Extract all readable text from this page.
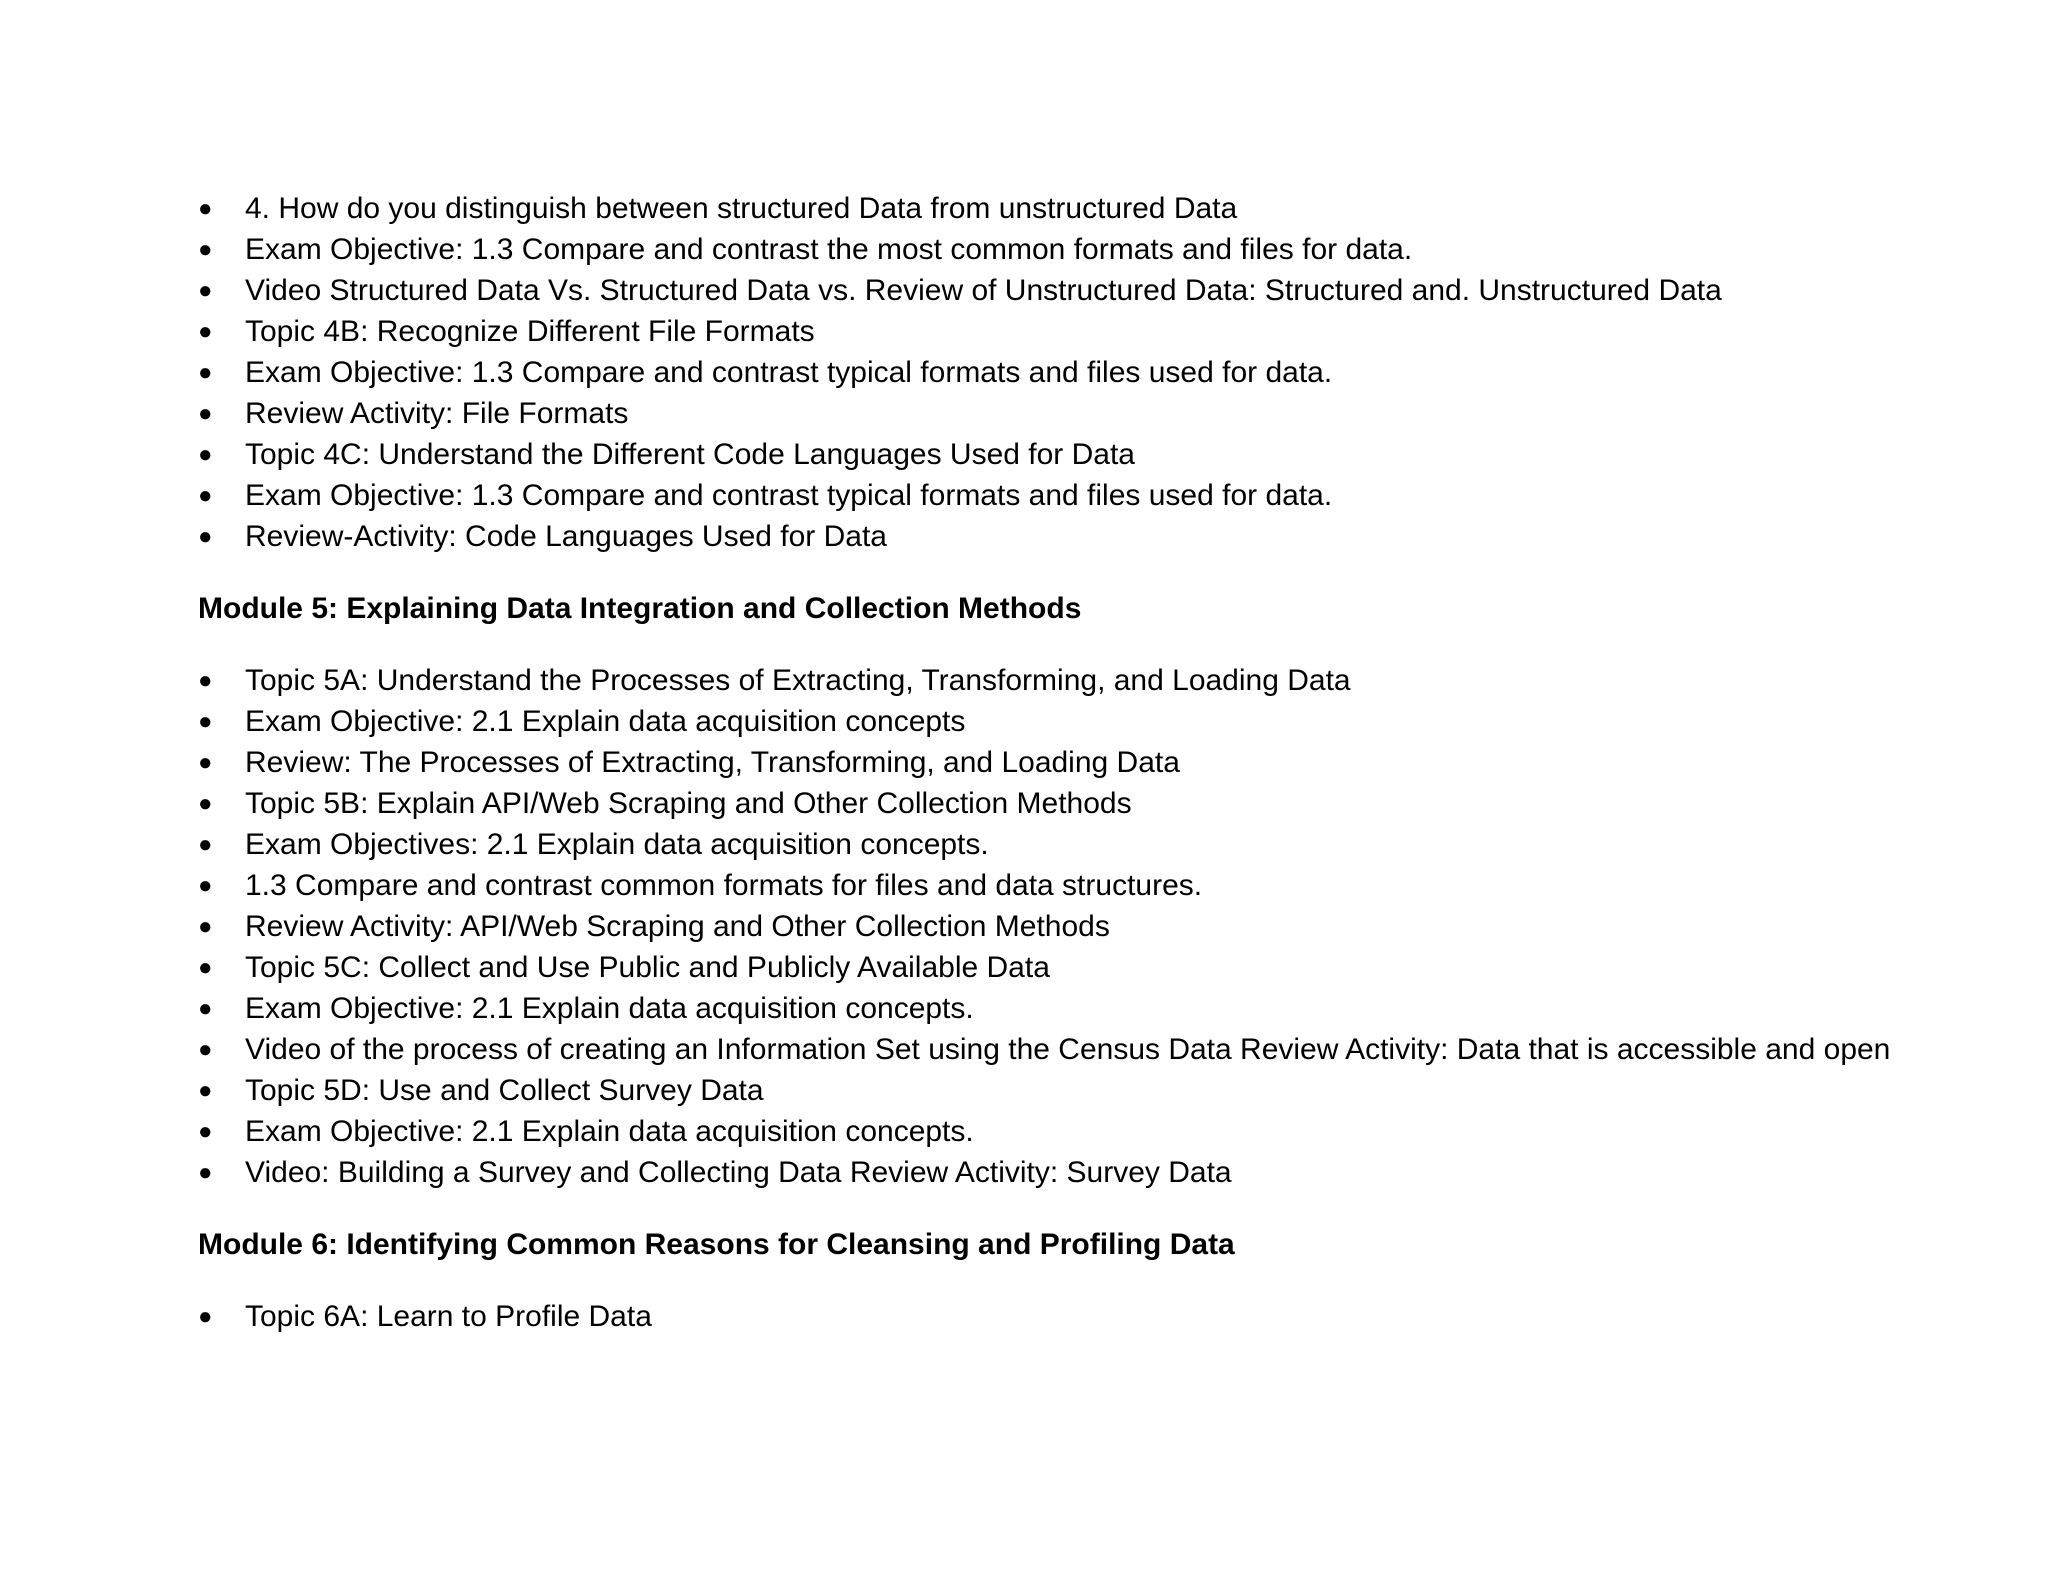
● 4. How do you distinguish between structured Data from unstructured Data
● Exam Objective: 1.3 Compare and contrast the most common formats and files for data.
● Video Structured Data Vs. Structured Data vs. Review of Unstructured Data: Structured and. Unstructured Data
● Topic 4B: Recognize Different File Formats
● Exam Objective: 1.3 Compare and contrast typical formats and files used for data.
● Review Activity: File Formats
● Topic 4C: Understand the Different Code Languages Used for Data
● Exam Objective: 1.3 Compare and contrast typical formats and files used for data.
● Review-Activity: Code Languages Used for Data
Module 5: Explaining Data Integration and Collection Methods
● Topic 5A: Understand the Processes of Extracting, Transforming, and Loading Data
● Exam Objective: 2.1 Explain data acquisition concepts
● Review: The Processes of Extracting, Transforming, and Loading Data
● Topic 5B: Explain API/Web Scraping and Other Collection Methods
● Exam Objectives: 2.1 Explain data acquisition concepts.
● 1.3 Compare and contrast common formats for files and data structures.
● Review Activity: API/Web Scraping and Other Collection Methods
● Topic 5C: Collect and Use Public and Publicly Available Data
● Exam Objective: 2.1 Explain data acquisition concepts.
● Video of the process of creating an Information Set using the Census Data Review Activity: Data that is accessible and open
● Topic 5D: Use and Collect Survey Data
● Exam Objective: 2.1 Explain data acquisition concepts.
● Video: Building a Survey and Collecting Data Review Activity: Survey Data
Module 6: Identifying Common Reasons for Cleansing and Profiling Data
● Topic 6A: Learn to Profile Data
